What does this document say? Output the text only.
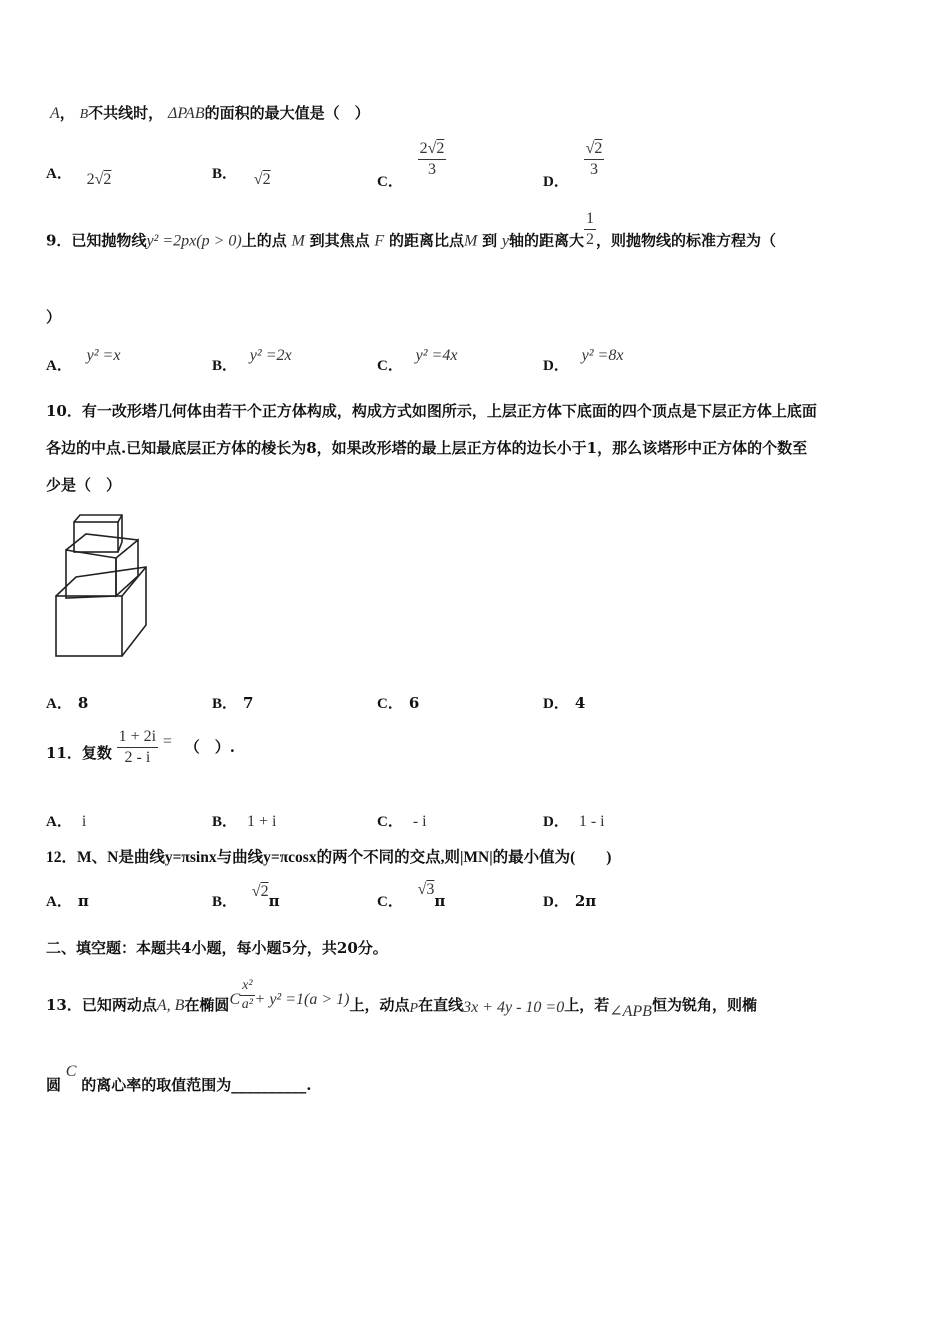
A， B不共线时， ΔPAB的面积的最大值是（　）
A． 2√2	B． √2	C．
$\frac{2√2}{3}$
D．
$\frac{√2}{3}$
9．已知抛物线y² =2px(p > 0)上的点 M 到其焦点 F 的距离比点M 到 y轴的距离大 $\frac{1}{2}$ ，则抛物线的标准方程为（
）
A． y² =x
B． y² =2x
C． y² =4x
D． y² =8x
10．有一改形塔几何体由若干个正方体构成，构成方式如图所示，上层正方体下底面的四个顶点是下层正方体上底面
各边的中点.已知最底层正方体的棱长为8，如果改形塔的最上层正方体的边长小于1，那么该塔形中正方体的个数至
少是（　）
A． 8	B． 7	C． 6	D． 4
11．复数 $\frac{1 + 2i}{2 - i}$ = （　）.
A． i	B． 1 + i	C． - i	D． 1 - i
12．M、N是曲线y=πsinx与曲线y=πcosx的两个不同的交点,则|MN|的最小值为(　　)
A． π	B． √2π	C． √3π	D． 2π
二、填空题：本题共4小题，每小题5分，共20分。
13．已知两动点A, B在椭圆C $\frac{\text{x²}}{\text{a²}} + y^2 =1(a > 1)$上，动点P在直线3x + 4y - 10 =0上，若∠APB恒为锐角，则椭
圆 C 的离心率的取值范围为__________.
